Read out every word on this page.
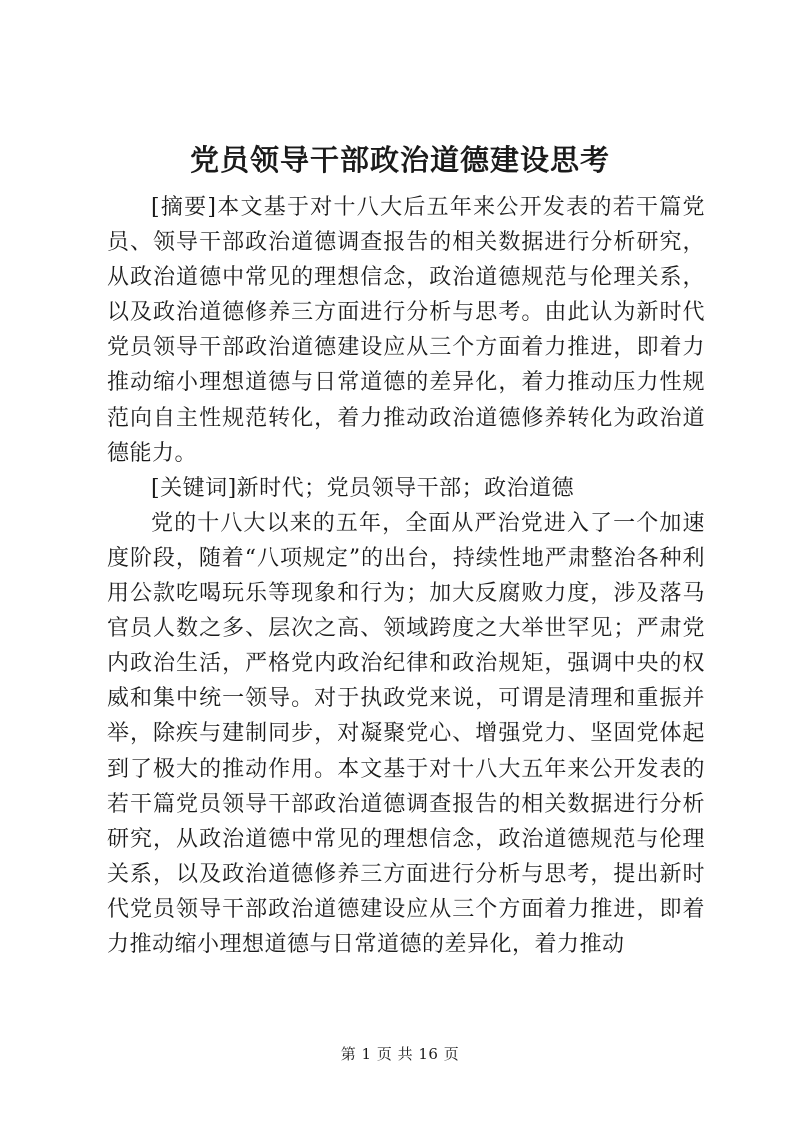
党员领导干部政治道德建设思考

[摘要]本文基于对十八大后五年来公开发表的若干篇党员、领导干部政治道德调查报告的相关数据进行分析研究，从政治道德中常见的理想信念，政治道德规范与伦理关系，以及政治道德修养三方面进行分析与思考。由此认为新时代党员领导干部政治道德建设应从三个方面着力推进，即着力推动缩小理想道德与日常道德的差异化，着力推动压力性规范向自主性规范转化，着力推动政治道德修养转化为政治道德能力。

[关键词]新时代；党员领导干部；政治道德

党的十八大以来的五年，全面从严治党进入了一个加速度阶段，随着“八项规定”的出台，持续性地严肃整治各种利用公款吃喝玩乐等现象和行为；加大反腐败力度，涉及落马官员人数之多、层次之高、领域跨度之大举世罕见；严肃党内政治生活，严格党内政治纪律和政治规矩，强调中央的权威和集中统一领导。对于执政党来说，可谓是清理和重振并举，除疾与建制同步，对凝聚党心、增强党力、坚固党体起到了极大的推动作用。本文基于对十八大五年来公开发表的若干篇党员领导干部政治道德调查报告的相关数据进行分析研究，从政治道德中常见的理想信念，政治道德规范与伦理关系，以及政治道德修养三方面进行分析与思考，提出新时代党员领导干部政治道德建设应从三个方面着力推进，即着力推动缩小理想道德与日常道德的差异化，着力推动

第 1 页 共 16 页
